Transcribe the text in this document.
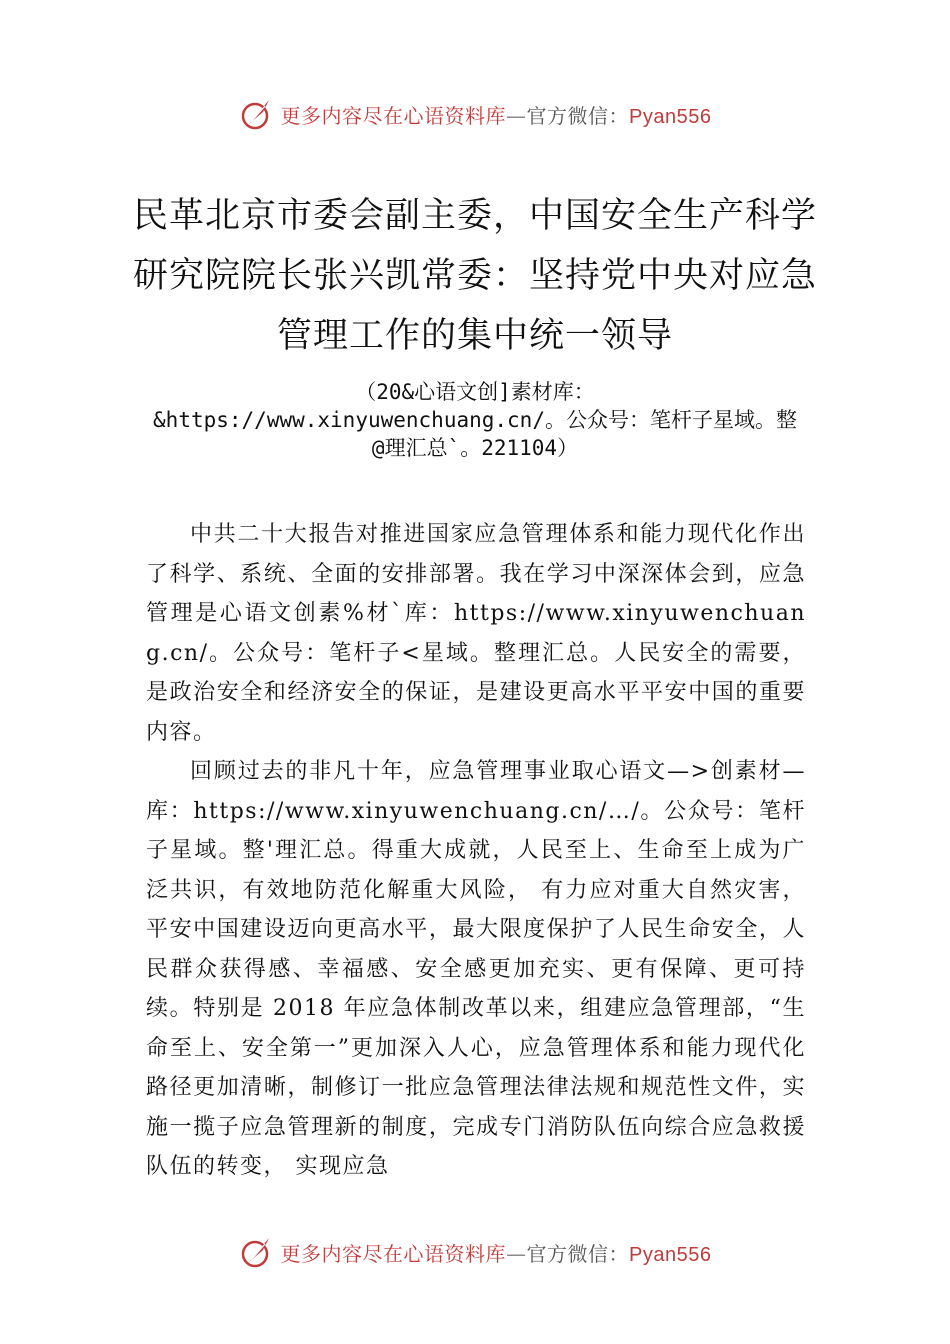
更多内容尽在心语资料库—官方微信：Pyan556
民革北京市委会副主委，中国安全生产科学研究院院长张兴凯常委：坚持党中央对应急管理工作的集中统一领导
（20&心语文创]素材库：&https://www.xinyuwenchuang.cn/。公众号：笔杆子星域。整@理汇总`。221104）

中共二十大报告对推进国家应急管理体系和能力现代化作出了科学、系统、全面的安排部署。我在学习中深深体会到，应急管理是心语文创素%材`库：https://www.xinyuwenchuang.cn/。公众号：笔杆子<星域。整理汇总。人民安全的需要，是政治安全和经济安全的保证，是建设更高水平平安中国的重要内容。

回顾过去的非凡十年，应急管理事业取心语文—>创素材—库：https://www.xinyuwenchuang.cn/…/。公众号：笔杆子星域。整'理汇总。得重大成就，人民至上、生命至上成为广泛共识，有效地防范化解重大风险， 有力应对重大自然灾害，平安中国建设迈向更高水平，最大限度保护了人民生命安全，人民群众获得感、幸福感、安全感更加充实、更有保障、更可持续。特别是 2018 年应急体制改革以来，组建应急管理部，“生命至上、安全第一”更加深入人心，应急管理体系和能力现代化路径更加清晰，制修订一批应急管理法律法规和规范性文件，实施一揽子应急管理新的制度，完成专门消防队伍向综合应急救援队伍的转变， 实现应急

更多内容尽在心语资料库—官方微信：Pyan556
